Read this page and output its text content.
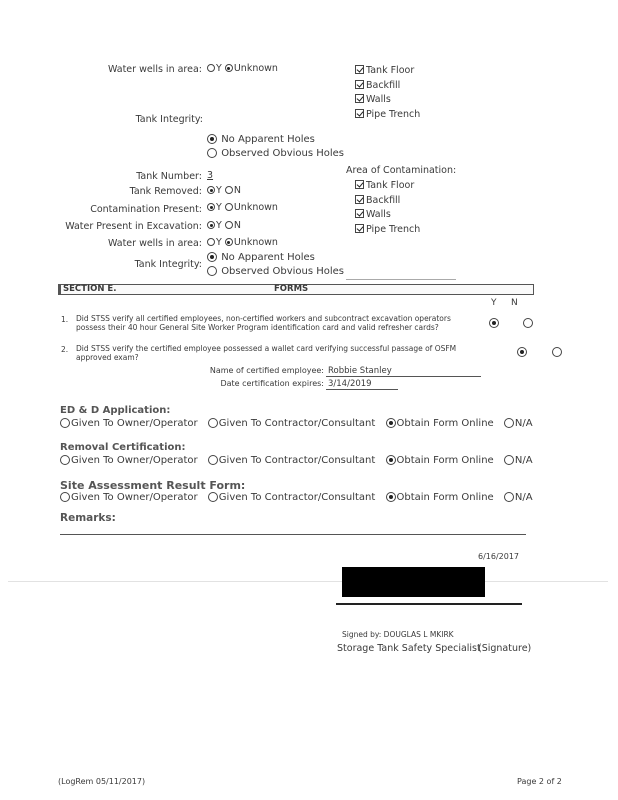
Water wells in area:	Y Unknown	Tank Floor
Backfill
Walls
Pipe Trench
Tank Integrity:
No Apparent Holes
Observed Obvious Holes
Tank Number: 3
Tank Removed:	Y N
Contamination Present:	Y Unknown
Water Present in Excavation:	Y N
Water wells in area:	Y Unknown
Tank Integrity:
No Apparent Holes
Observed Obvious Holes
Area of Contamination:
Tank Floor
Backfill
Walls
Pipe Trench
SECTION E.	FORMS
Y N
1. Did STSS verify all certified employees, non-certified workers and subcontract excavation operators
possess their 40 hour General Site Worker Program identification card and valid refresher cards?

2. Did STSS verify the certified employee possessed a wallet card verifying successful passage of OSFM
approved exam?

Name of certified employee: Robbie Stanley
Date certification expires: 3/14/2019
ED & D Application:
Given To Owner/Operator Given To Contractor/Consultant Obtain Form Online N/A
Removal Certification:
Given To Owner/Operator Given To Contractor/Consultant Obtain Form Online N/A
Site Assessment Result Form:
Given To Owner/Operator Given To Contractor/Consultant Obtain Form Online N/A
Remarks:
6/16/2017
Signed by: DOUGLAS L MKIRK
Storage Tank Safety Specialist
(Signature)
(LogRem 05/11/2017)	Page 2 of 2
